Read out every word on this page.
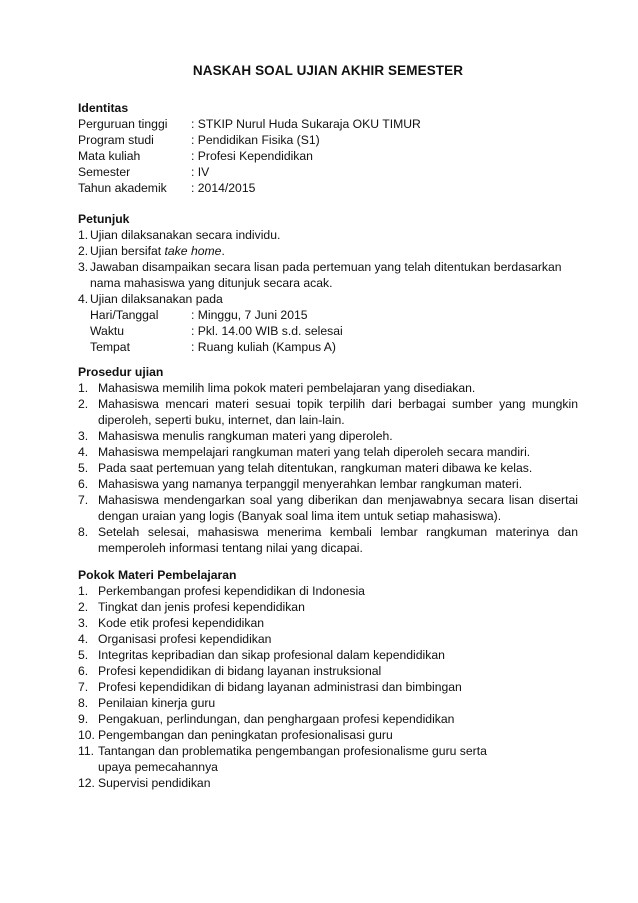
NASKAH SOAL UJIAN AKHIR SEMESTER
Identitas
Perguruan tinggi : STKIP Nurul Huda Sukaraja OKU TIMUR
Program studi	: Pendidikan Fisika (S1)
Mata kuliah	: Profesi Kependidikan
Semester	: IV
Tahun akademik : 2014/2015
Petunjuk
1. Ujian dilaksanakan secara individu.
2. Ujian bersifat take home.
3. Jawaban disampaikan secara lisan pada pertemuan yang telah ditentukan berdasarkan nama mahasiswa yang ditunjuk secara acak.
4. Ujian dilaksanakan pada
Hari/Tanggal	: Minggu, 7 Juni 2015
Waktu	: Pkl. 14.00 WIB s.d. selesai
Tempat	: Ruang kuliah (Kampus A)
Prosedur ujian
1. Mahasiswa memilih lima pokok materi pembelajaran yang disediakan.
2. Mahasiswa mencari materi sesuai topik terpilih dari berbagai sumber yang mungkin diperoleh, seperti buku, internet, dan lain-lain.
3. Mahasiswa menulis rangkuman materi yang diperoleh.
4. Mahasiswa mempelajari rangkuman materi yang telah diperoleh secara mandiri.
5. Pada saat pertemuan yang telah ditentukan, rangkuman materi dibawa ke kelas.
6. Mahasiswa yang namanya terpanggil menyerahkan lembar rangkuman materi.
7. Mahasiswa mendengarkan soal yang diberikan dan menjawabnya secara lisan disertai dengan uraian yang logis (Banyak soal lima item untuk setiap mahasiswa).
8. Setelah selesai, mahasiswa menerima kembali lembar rangkuman materinya dan memperoleh informasi tentang nilai yang dicapai.
Pokok Materi Pembelajaran
1. Perkembangan profesi kependidikan di Indonesia
2. Tingkat dan jenis profesi kependidikan
3. Kode etik profesi kependidikan
4. Organisasi profesi kependidikan
5. Integritas kepribadian dan sikap profesional dalam kependidikan
6. Profesi kependidikan di bidang layanan instruksional
7. Profesi kependidikan di bidang layanan administrasi dan bimbingan
8. Penilaian kinerja guru
9. Pengakuan, perlindungan, dan penghargaan profesi kependidikan
10. Pengembangan dan peningkatan profesionalisasi guru
11. Tantangan dan problematika pengembangan profesionalisme guru serta upaya pemecahannya
12. Supervisi pendidikan
